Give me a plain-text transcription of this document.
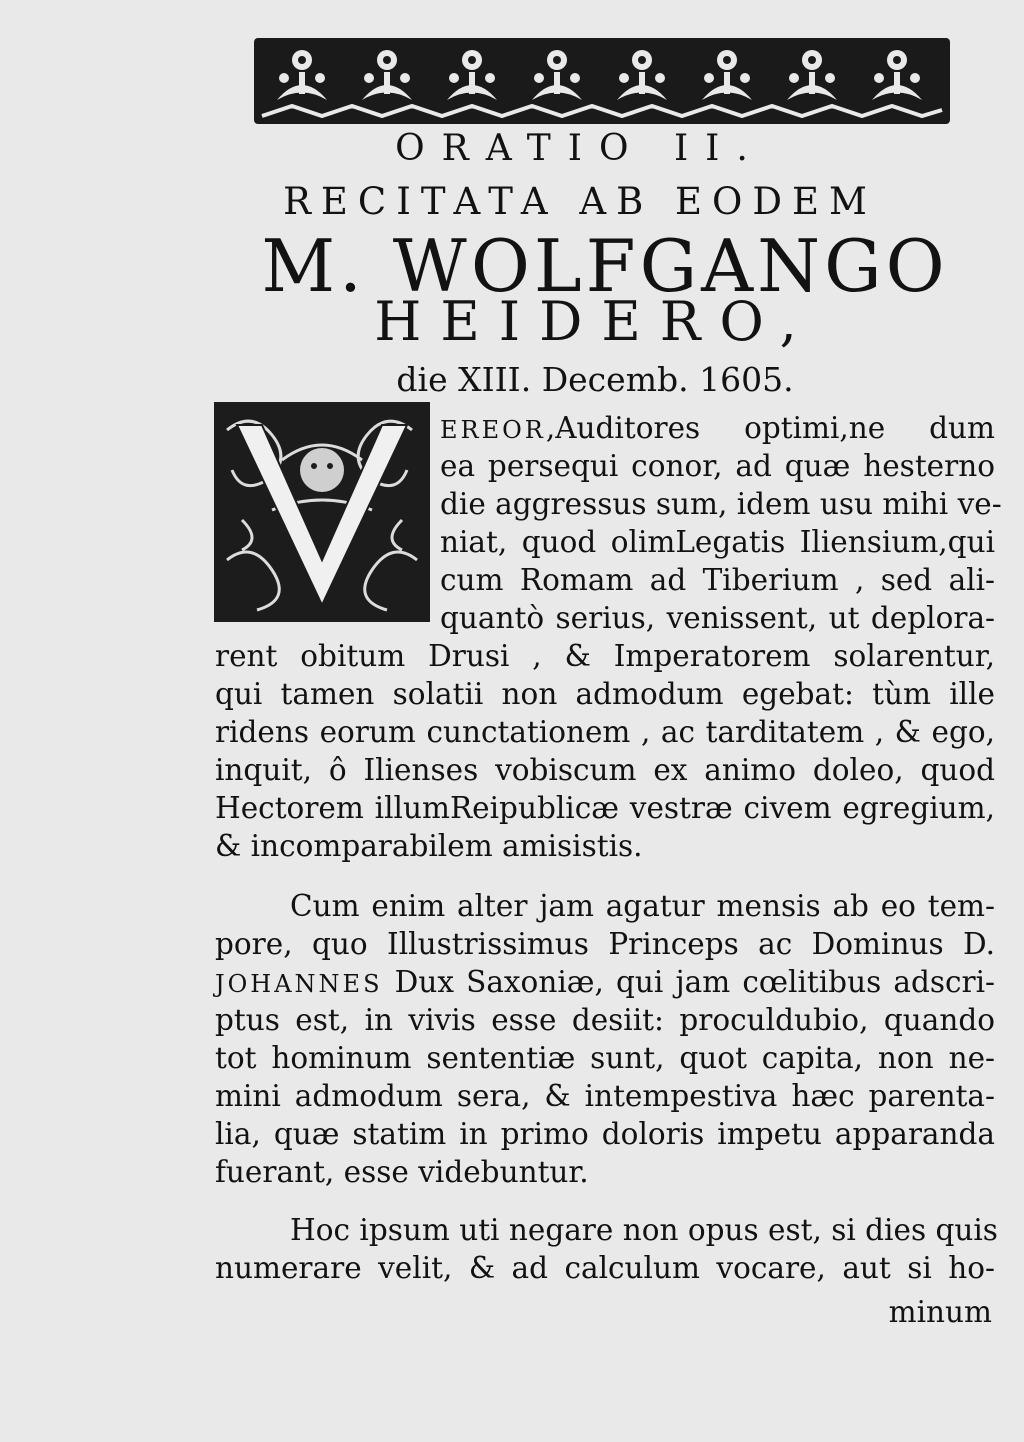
ORATIO II.
RECITATA AB EODEM
M. WOLFGANGO
HEIDERO,
die XIII. Decemb. 1605.
EREOR,Auditores optimi,ne dum
ea persequi conor, ad quæ hesterno
die aggressus sum, idem usu mihi ve-
niat, quod olimLegatis Iliensium,qui
cum Romam ad Tiberium , sed ali-
quantò serius, venissent, ut deplora-
rent obitum Drusi , & Imperatorem solarentur,
qui tamen solatii non admodum egebat: tùm ille
ridens eorum cunctationem , ac tarditatem , & ego,
inquit, ô Ilienses vobiscum ex animo doleo, quod
Hectorem illumReipublicæ vestræ civem egregium,
& incomparabilem amisistis.
Cum enim alter jam agatur mensis ab eo tem-
pore, quo Illustrissimus Princeps ac Dominus D.
JOHANNES Dux Saxoniæ, qui jam cœlitibus adscri-
ptus est, in vivis esse desiit: proculdubio, quando
tot hominum sententiæ sunt, quot capita, non ne-
mini admodum sera, & intempestiva hæc parenta-
lia, quæ statim in primo doloris impetu apparanda
fuerant, esse videbuntur.
Hoc ipsum uti negare non opus est, si dies quis
numerare velit, & ad calculum vocare, aut si ho-
minum
